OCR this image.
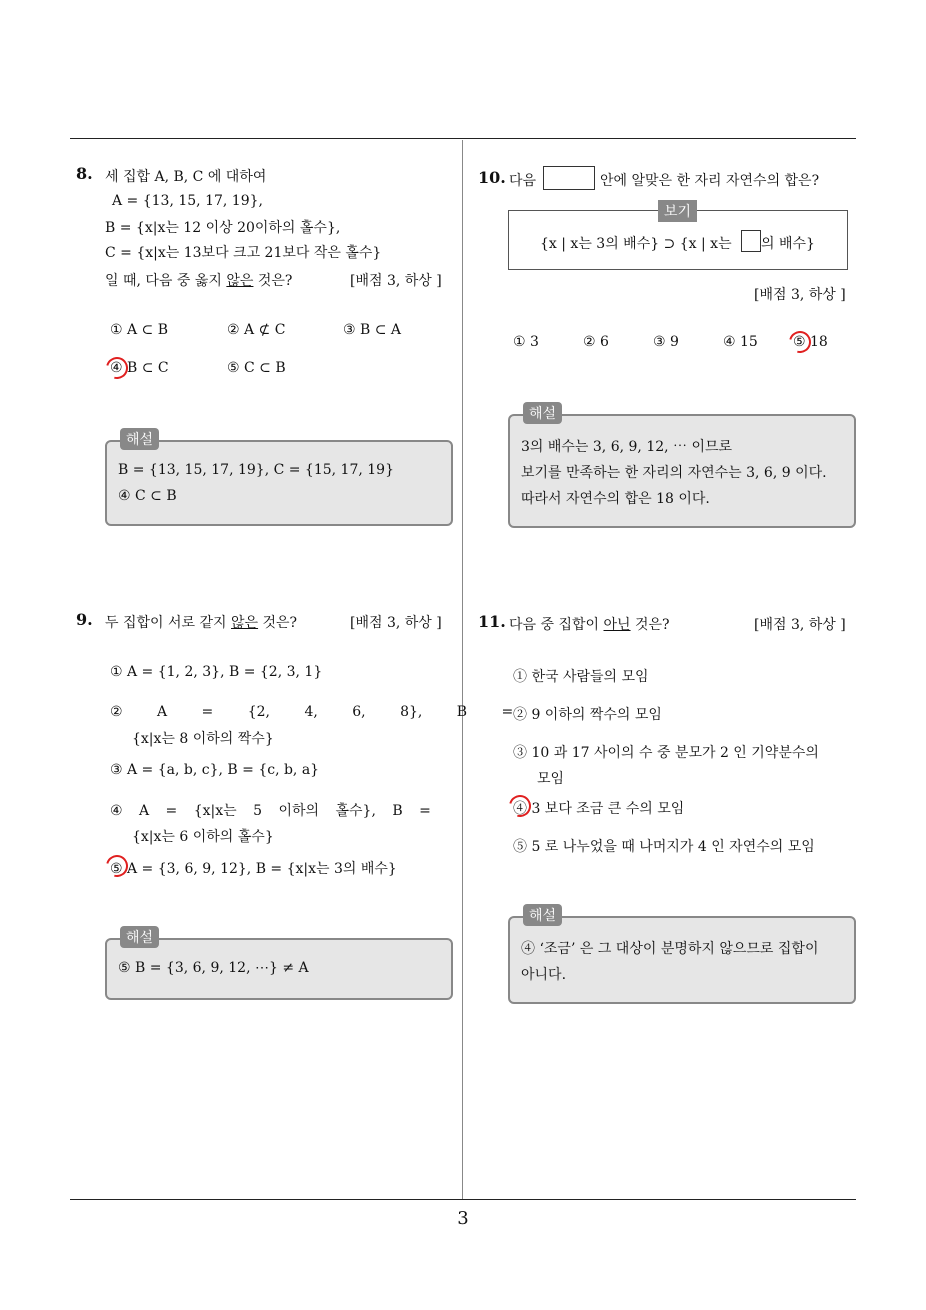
8. 세 집합 A, B, C 에 대하여
A = {13, 15, 17, 19},
B = {x|x는 12 이상 20이하의 홀수},
C = {x|x는 13보다 크고 21보다 작은 홀수}
일 때, 다음 중 옳지 않은 것은?	[배점 3, 하상 ]
① A ⊂ B	② A ⊄ C	③ B ⊂ A
④ B ⊂ C	⑤ C ⊂ B
해설
B = {13, 15, 17, 19}, C = {15, 17, 19}
④ C ⊂ B
9. 두 집합이 서로 같지 않은 것은?	[배점 3, 하상 ]
① A = {1, 2, 3}, B = {2, 3, 1}
② A = {2, 4, 6, 8}, B =
{x|x는 8 이하의 짝수}
③ A = {a, b, c}, B = {c, b, a}
④ A = {x|x는 5 이하의 홀수}, B =
{x|x는 6 이하의 홀수}
⑤ A = {3, 6, 9, 12}, B = {x|x는 3의 배수}
해설
⑤ B = {3, 6, 9, 12, ⋯} ≠ A
10. 다음	안에 알맞은 한 자리 자연수의 합은?
보기
{x | x는 3의 배수} ⊃ {x | x는 의 배수}
[배점 3, 하상 ]
① 3	② 6	③ 9	④ 15	⑤ 18
해설
3의 배수는 3, 6, 9, 12, ⋯ 이므로
보기를 만족하는 한 자리의 자연수는 3, 6, 9 이다.
따라서 자연수의 합은 18 이다.
11. 다음 중 집합이 아닌 것은?	[배점 3, 하상 ]
① 한국 사람들의 모임
② 9 이하의 짝수의 모임
③ 10 과 17 사이의 수 중 분모가 2 인 기약분수의
모임
④ 3 보다 조금 큰 수의 모임
⑤ 5 로 나누었을 때 나머지가 4 인 자연수의 모임
해설
④ ‘조금’ 은 그 대상이 분명하지 않으므로 집합이
아니다.
3
